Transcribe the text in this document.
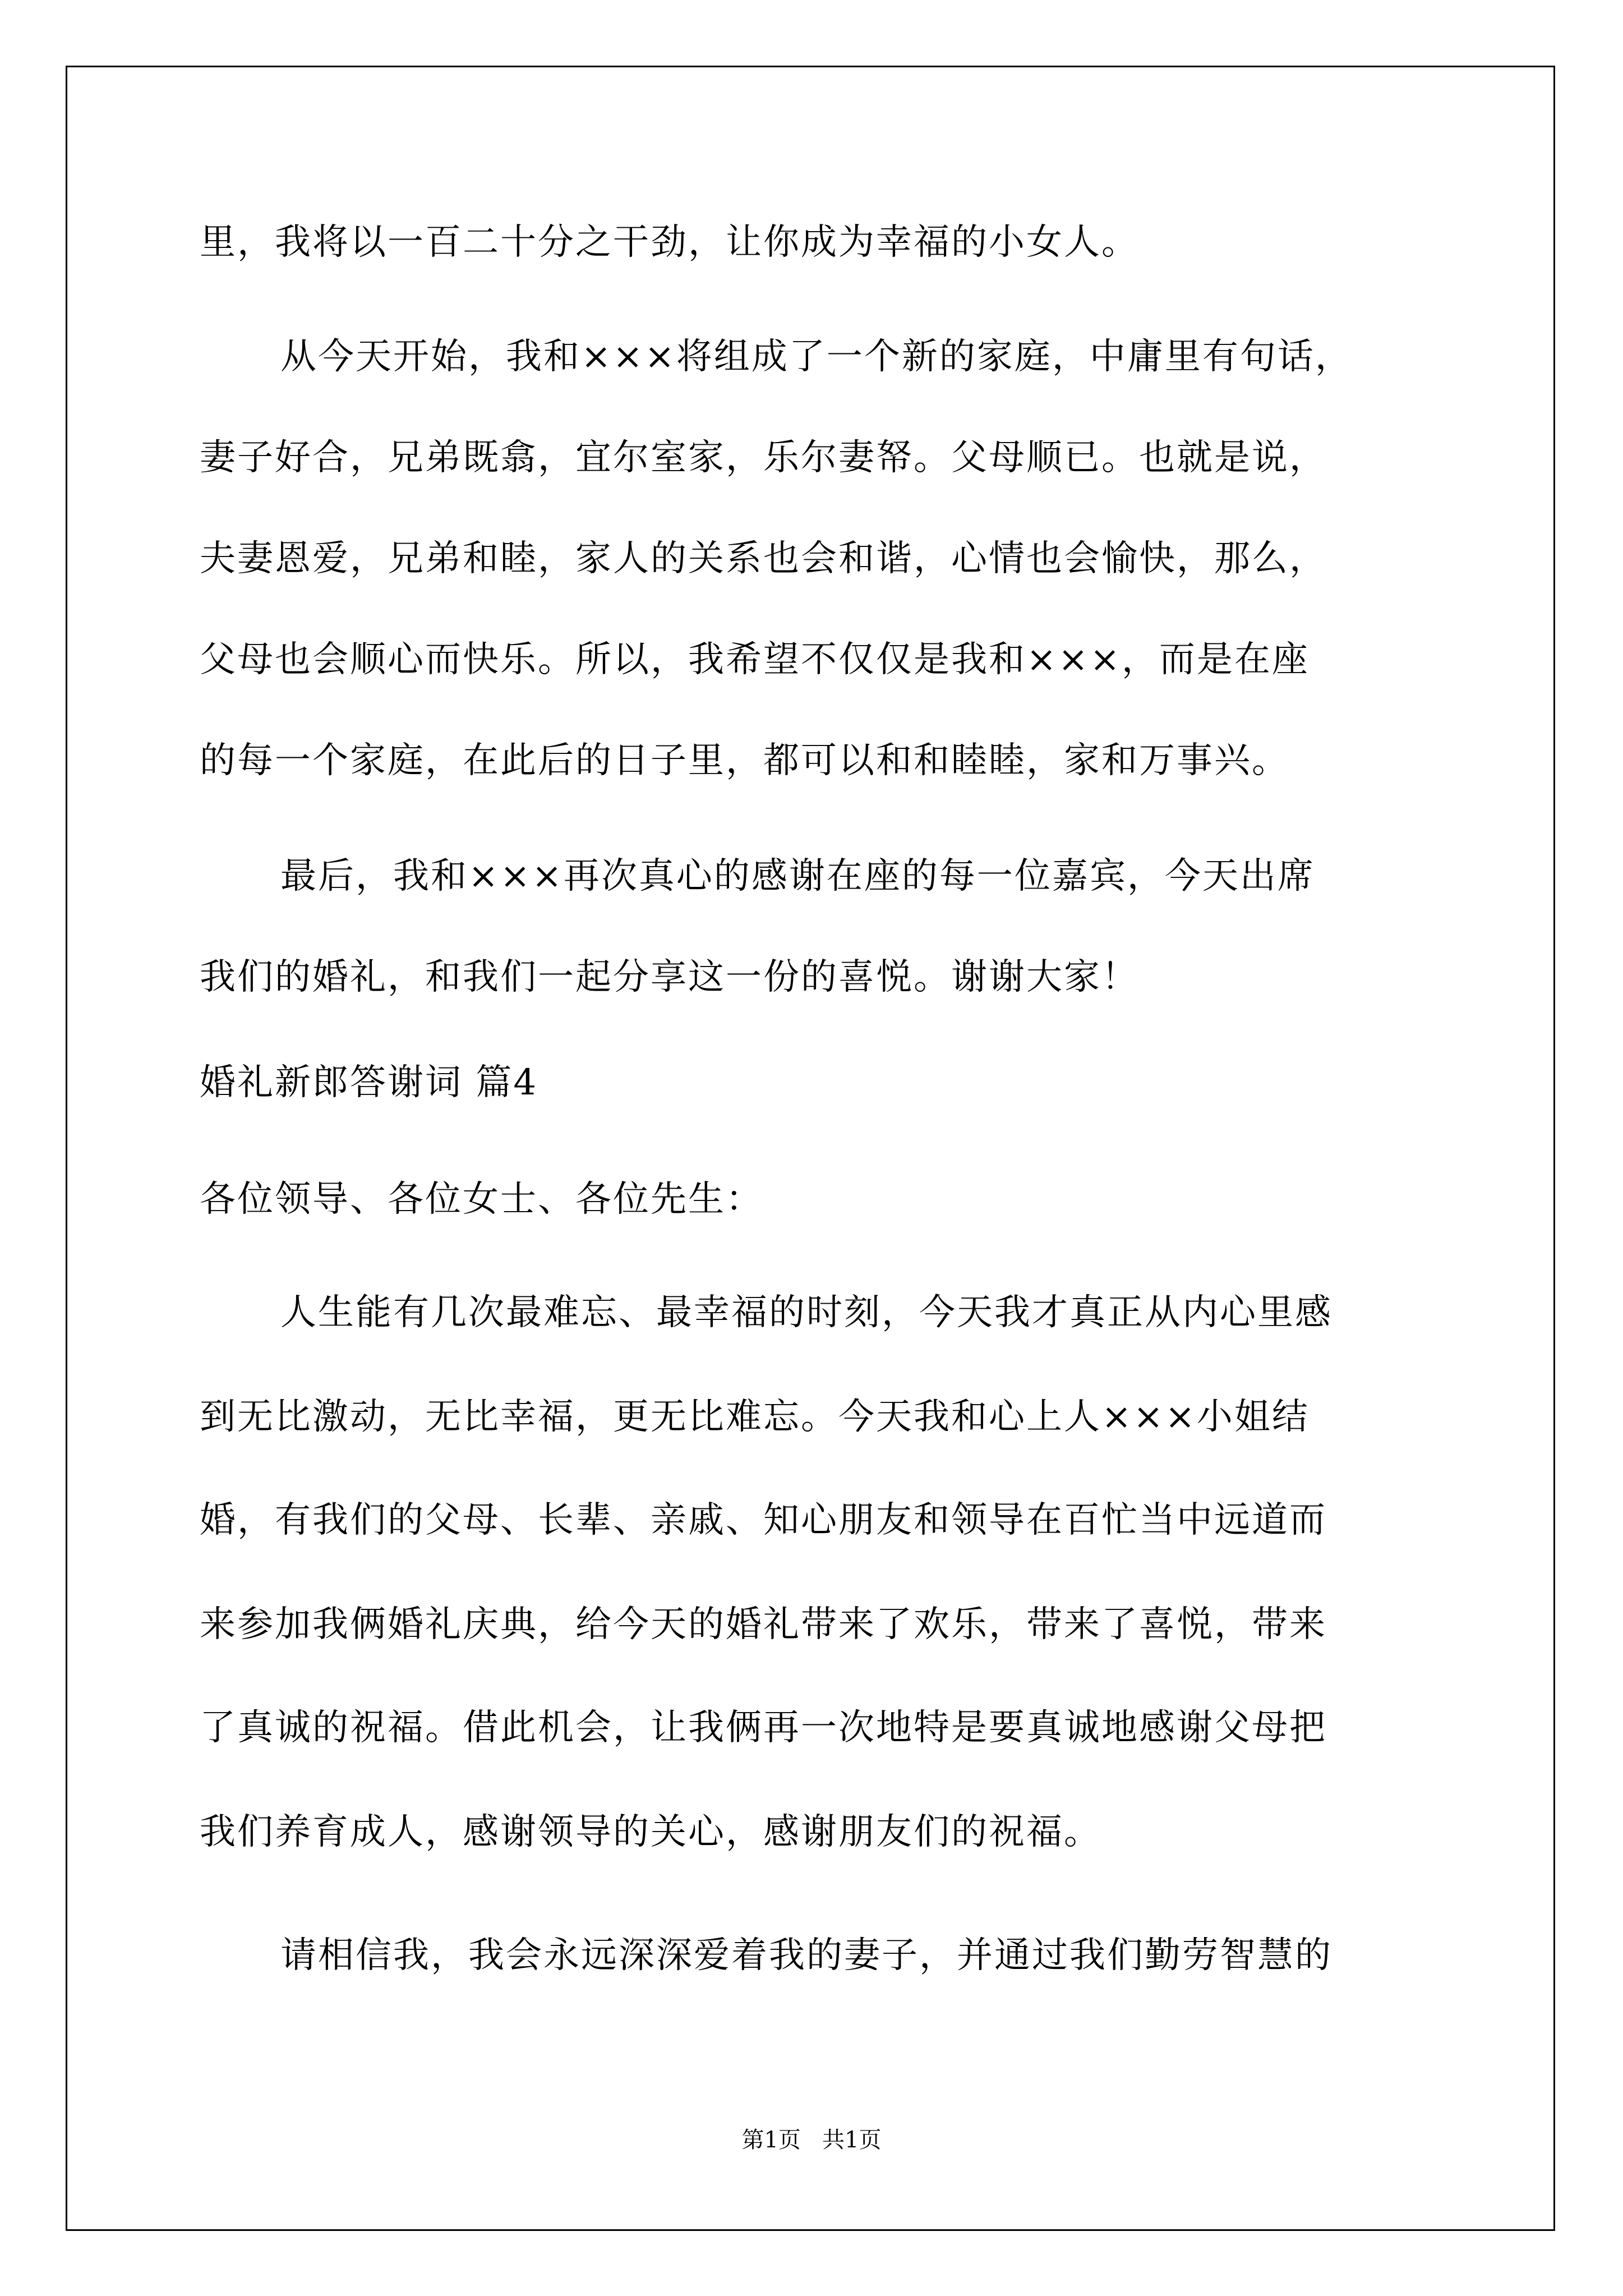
里，我将以一百二十分之干劲，让你成为幸福的小女人。
从今天开始，我和×××将组成了一个新的家庭，中庸里有句话，
妻子好合，兄弟既翕，宜尔室家，乐尔妻帑。父母顺已。也就是说，
夫妻恩爱，兄弟和睦，家人的关系也会和谐，心情也会愉快，那么，
父母也会顺心而快乐。所以，我希望不仅仅是我和×××，而是在座
的每一个家庭，在此后的日子里，都可以和和睦睦，家和万事兴。
最后，我和×××再次真心的感谢在座的每一位嘉宾，今天出席
我们的婚礼，和我们一起分享这一份的喜悦。谢谢大家！
婚礼新郎答谢词 篇4
各位领导、各位女士、各位先生：
人生能有几次最难忘、最幸福的时刻，今天我才真正从内心里感
到无比激动，无比幸福，更无比难忘。今天我和心上人×××小姐结
婚，有我们的父母、长辈、亲戚、知心朋友和领导在百忙当中远道而
来参加我俩婚礼庆典，给今天的婚礼带来了欢乐，带来了喜悦，带来
了真诚的祝福。借此机会，让我俩再一次地特是要真诚地感谢父母把
我们养育成人，感谢领导的关心，感谢朋友们的祝福。
请相信我，我会永远深深爱着我的妻子，并通过我们勤劳智慧的
第1页   共1页
